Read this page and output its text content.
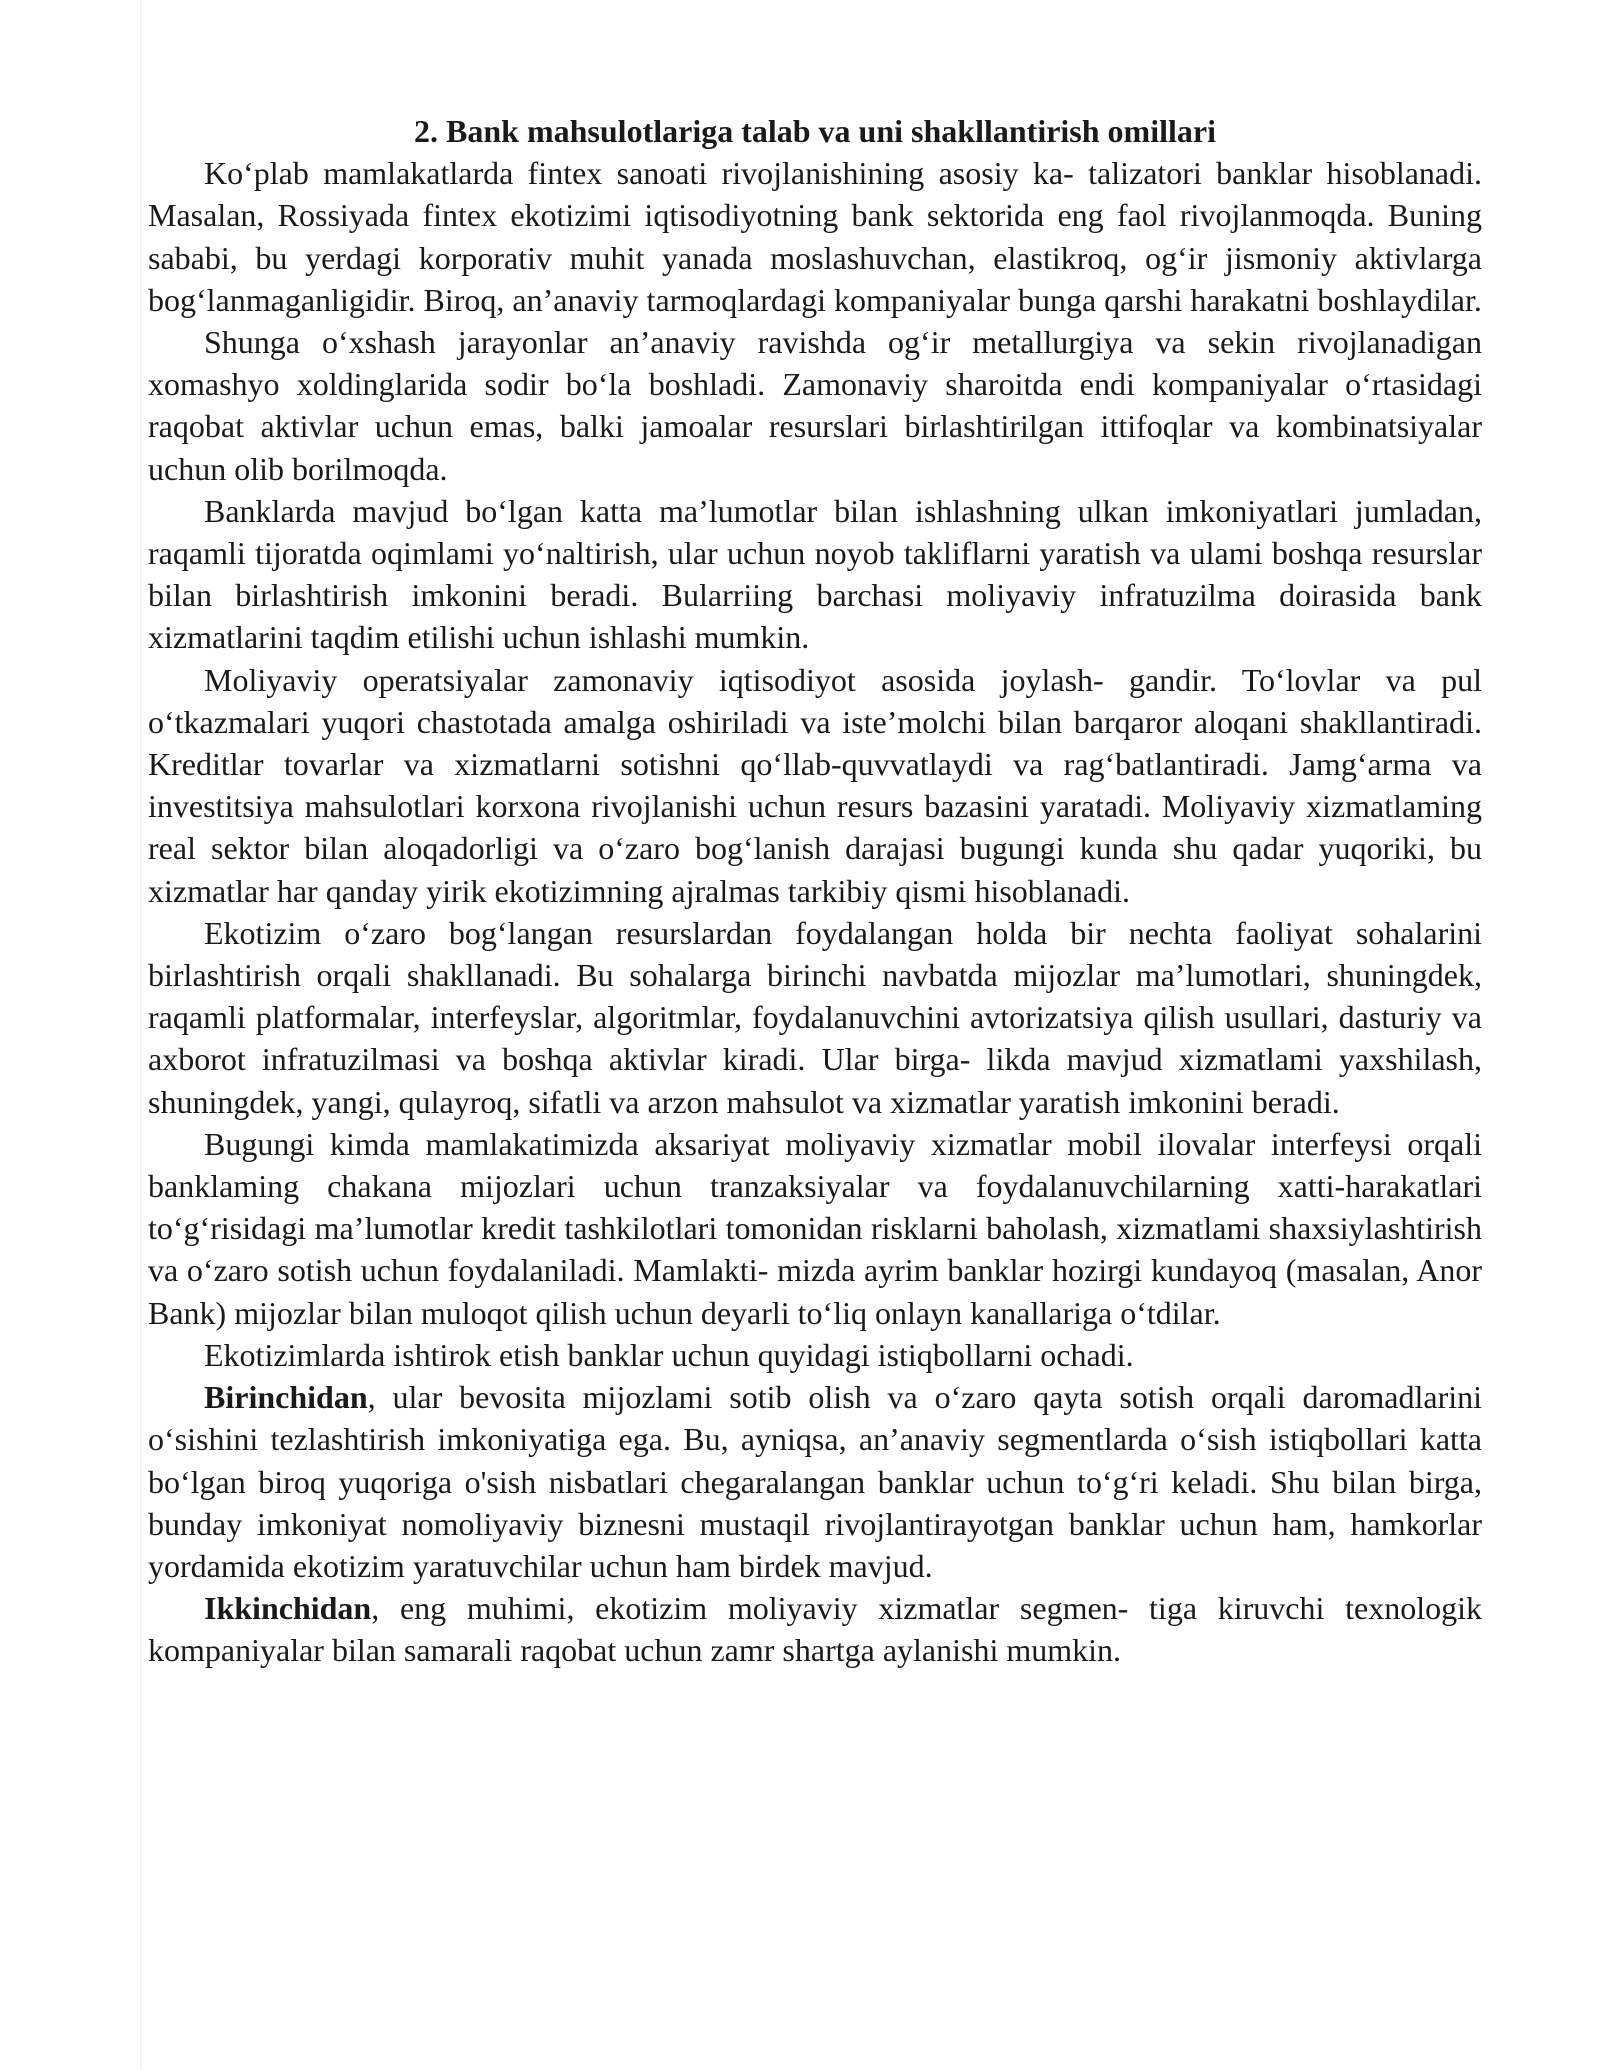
2. Bank mahsulotlariga talab va uni shakllantirish omillari

Ko‘plab mamlakatlarda fintex sanoati rivojlanishining asosiy ka- talizatori banklar hisoblanadi. Masalan, Rossiyada fintex ekotizimi iqtisodiyotning bank sektorida eng faol rivojlanmoqda. Buning sababi, bu yerdagi korporativ muhit yanada moslashuvchan, elastikroq, og‘ir jismoniy aktivlarga bog‘lanmaganligidir. Biroq, an’anaviy tarmoqlardagi kompaniyalar bunga qarshi harakatni boshlaydilar.

Shunga o‘xshash jarayonlar an’anaviy ravishda og‘ir metallurgiya va sekin rivojlanadigan xomashyo xoldinglarida sodir bo‘la boshladi. Zamonaviy sharoitda endi kompaniyalar o‘rtasidagi raqobat aktivlar uchun emas, balki jamoalar resurslari birlashtirilgan ittifoqlar va kombinatsiyalar uchun olib borilmoqda.

Banklarda mavjud bo‘lgan katta ma’lumotlar bilan ishlashning ulkan imkoniyatlari jumladan, raqamli tijoratda oqimlami yo‘naltirish, ular uchun noyob takliflarni yaratish va ulami boshqa resurslar bilan birlashtirish imkonini beradi. Bularriing barchasi moliyaviy infratuzilma doirasida bank xizmatlarini taqdim etilishi uchun ishlashi mumkin.

Moliyaviy operatsiyalar zamonaviy iqtisodiyot asosida joylash- gandir. To‘lovlar va pul o‘tkazmalari yuqori chastotada amalga oshiriladi va iste’molchi bilan barqaror aloqani shakllantiradi. Kreditlar tovarlar va xizmatlarni sotishni qo‘llab-quvvatlaydi va rag‘batlantiradi. Jamg‘arma va investitsiya mahsulotlari korxona rivojlanishi uchun resurs bazasini yaratadi. Moliyaviy xizmatlaming real sektor bilan aloqadorligi va o‘zaro bog‘lanish darajasi bugungi kunda shu qadar yuqoriki, bu xizmatlar har qanday yirik ekotizimning ajralmas tarkibiy qismi hisoblanadi.

Ekotizim o‘zaro bog‘langan resurslardan foydalangan holda bir nechta faoliyat sohalarini birlashtirish orqali shakllanadi. Bu sohalarga birinchi navbatda mijozlar ma’lumotlari, shuningdek, raqamli platformalar, interfeyslar, algoritmlar, foydalanuvchini avtorizatsiya qilish usullari, dasturiy va axborot infratuzilmasi va boshqa aktivlar kiradi. Ular birga- likda mavjud xizmatlami yaxshilash, shuningdek, yangi, qulayroq, sifatli va arzon mahsulot va xizmatlar yaratish imkonini beradi.

Bugungi kimda mamlakatimizda aksariyat moliyaviy xizmatlar mobil ilovalar interfeysi orqali banklaming chakana mijozlari uchun tranzaksiyalar va foydalanuvchilarning xatti-harakatlari to‘g‘risidagi ma’lumotlar kredit tashkilotlari tomonidan risklarni baholash, xizmatlami shaxsiylashtirish va o‘zaro sotish uchun foydalaniladi. Mamlakti- mizda ayrim banklar hozirgi kundayoq (masalan, Anor Bank) mijozlar bilan muloqot qilish uchun deyarli to‘liq onlayn kanallariga o‘tdilar.

Ekotizimlarda ishtirok etish banklar uchun quyidagi istiqbollarni ochadi.

Birinchidan, ular bevosita mijozlami sotib olish va o‘zaro qayta sotish orqali daromadlarini o‘sishini tezlashtirish imkoniyatiga ega. Bu, ayniqsa, an’anaviy segmentlarda o‘sish istiqbollari katta bo‘lgan biroq yuqoriga o'sish nisbatlari chegaralangan banklar uchun to‘g‘ri keladi. Shu bilan birga, bunday imkoniyat nomoliyaviy biznesni mustaqil rivojlantirayotgan banklar uchun ham, hamkorlar yordamida ekotizim yaratuvchilar uchun ham birdek mavjud.

Ikkinchidan, eng muhimi, ekotizim moliyaviy xizmatlar segmen- tiga kiruvchi texnologik kompaniyalar bilan samarali raqobat uchun zamr shartga aylanishi mumkin.
